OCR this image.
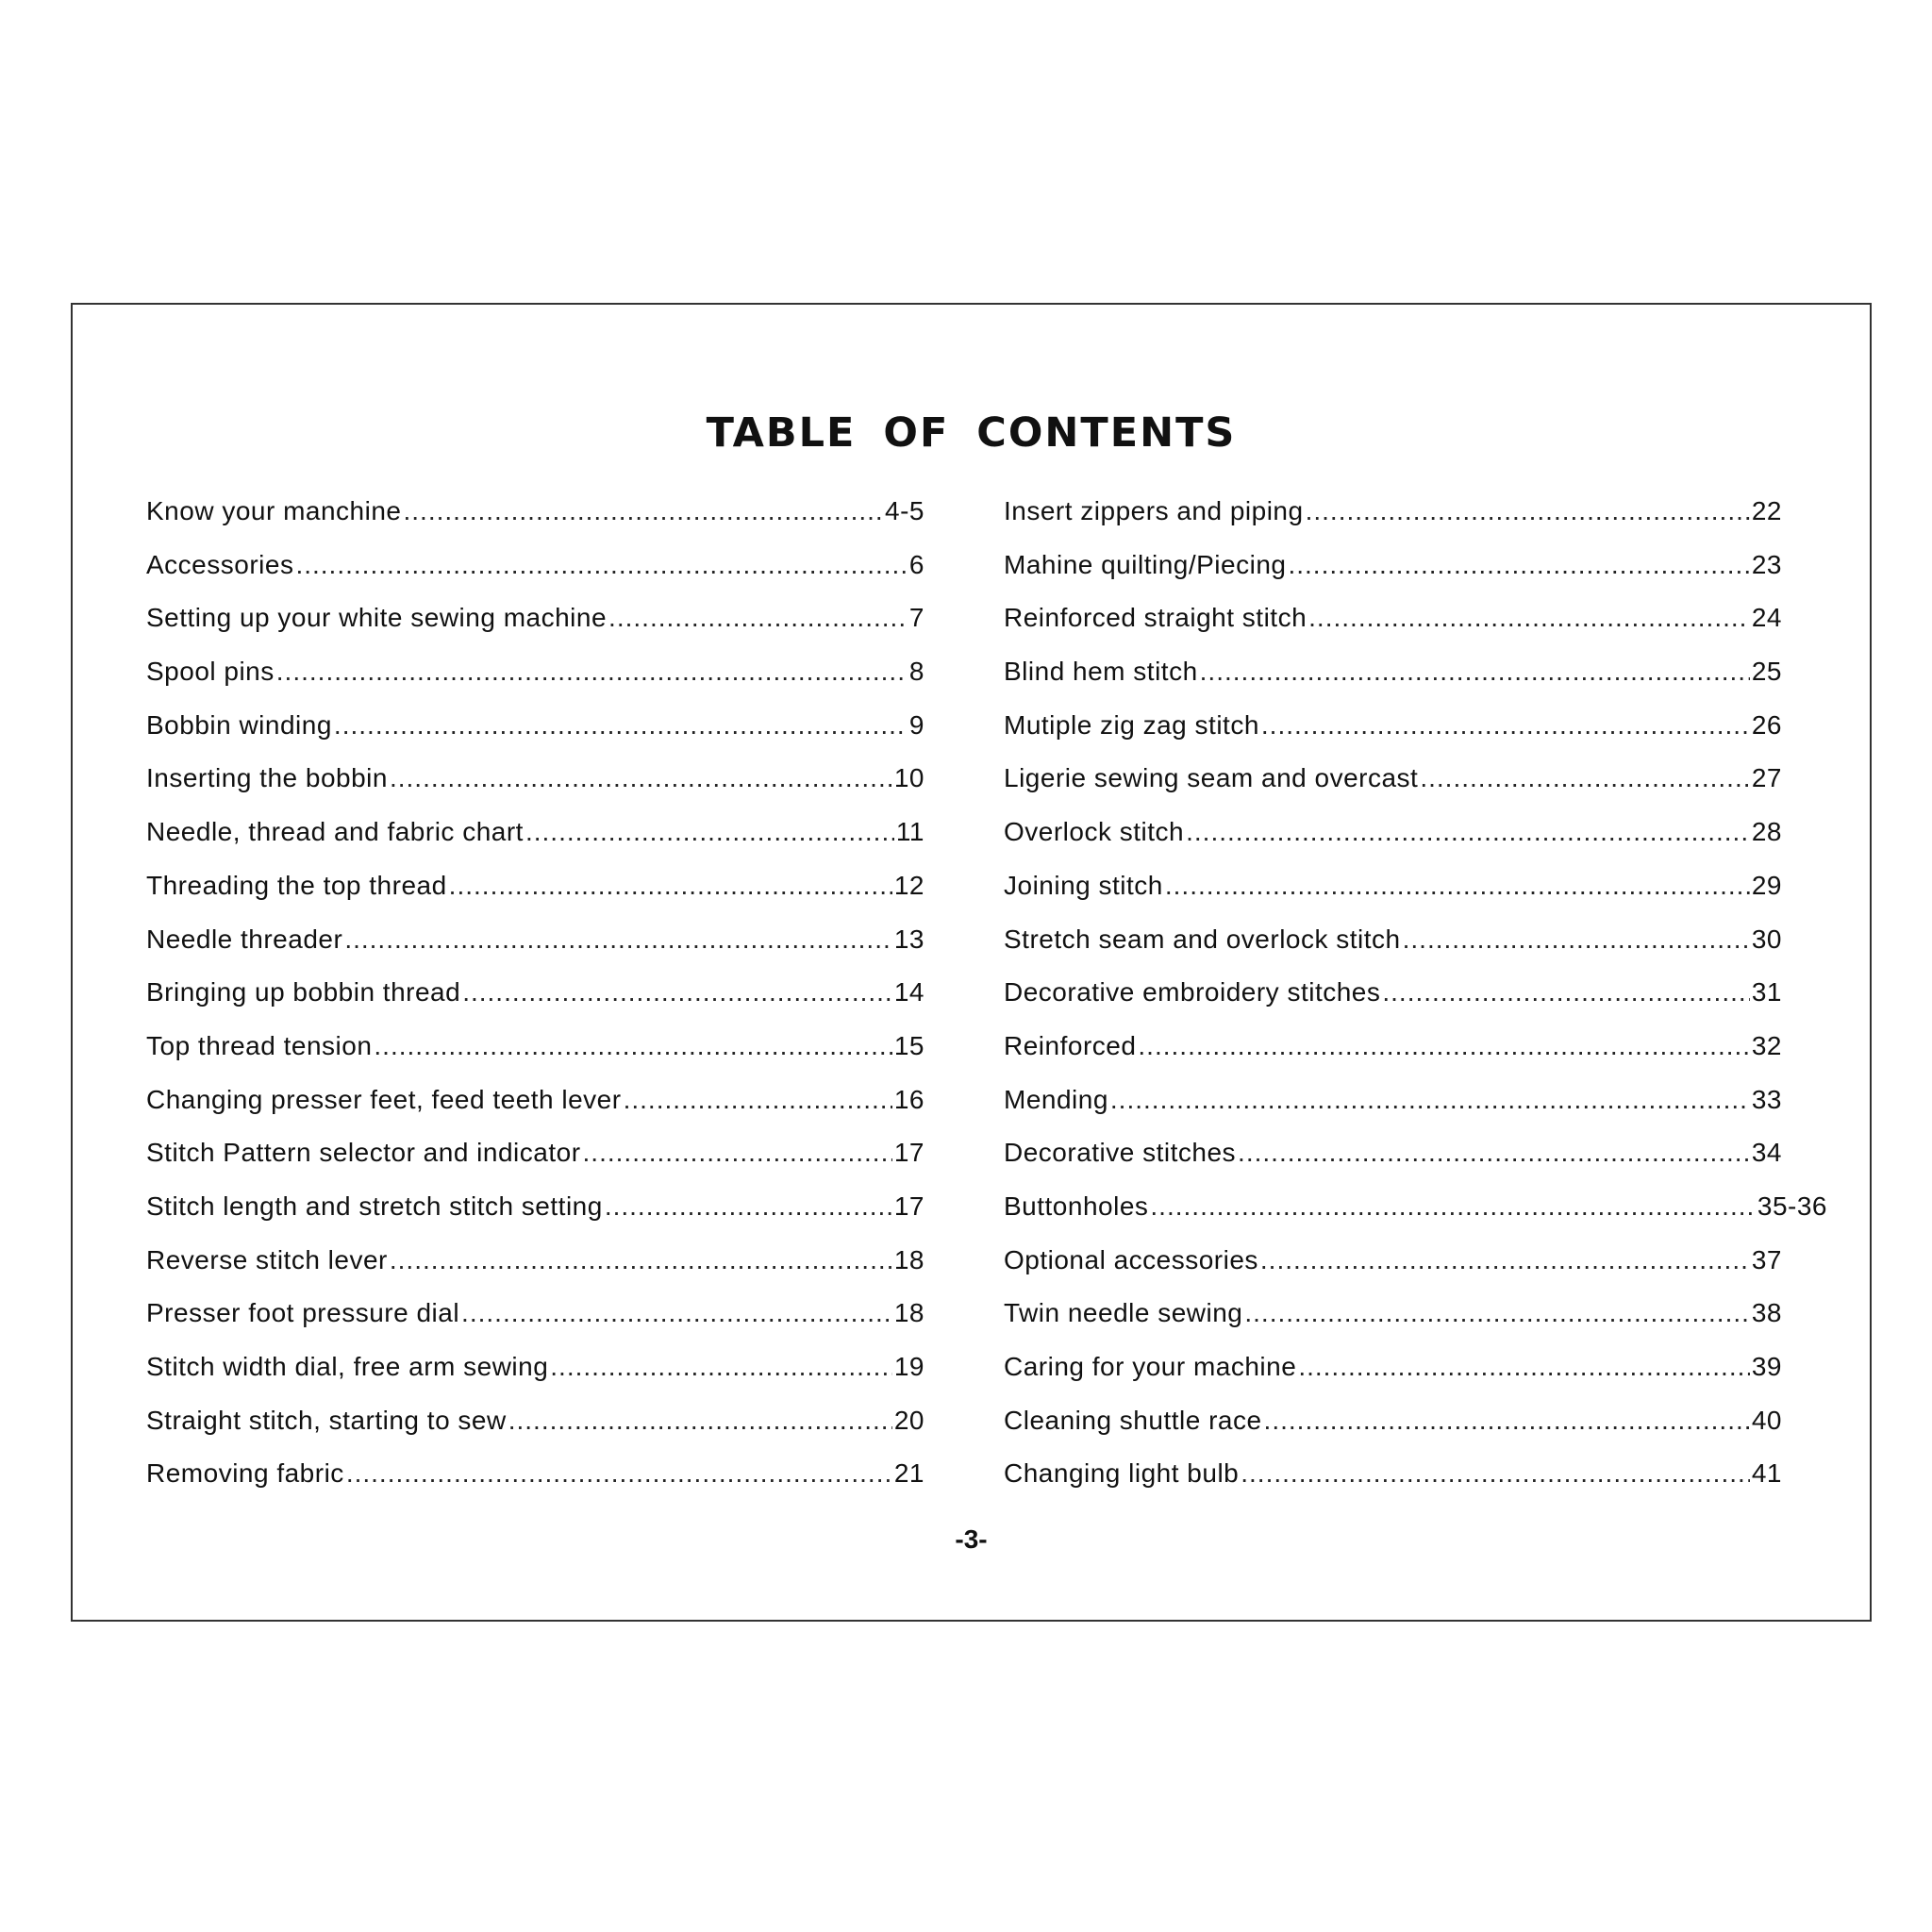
TABLE OF CONTENTS
Know your manchine .....	4-5
Accessories .....	6
Setting up your white sewing machine .....	7
Spool pins .....	8
Bobbin winding .....	9
Inserting the bobbin .....	10
Needle, thread and fabric chart .....	11
Threading the top thread .....	12
Needle threader .....	13
Bringing up bobbin thread .....	14
Top thread tension .....	15
Changing presser feet, feed teeth lever .....	16
Stitch Pattern selector and indicator .....	17
Stitch length and stretch stitch setting .....	17
Reverse stitch lever .....	18
Presser foot pressure dial .....	18
Stitch width dial, free arm sewing .....	19
Straight stitch, starting to sew .....	20
Removing fabric .....	21
Insert zippers and piping .....	22
Mahine quilting/Piecing .....	23
Reinforced straight stitch .....	24
Blind hem stitch .....	25
Mutiple zig zag stitch .....	26
Ligerie sewing seam and overcast .....	27
Overlock stitch .....	28
Joining stitch .....	29
Stretch seam and overlock stitch .....	30
Decorative embroidery stitches .....	31
Reinforced .....	32
Mending .....	33
Decorative stitches .....	34
Buttonholes .....	35-36
Optional accessories .....	37
Twin needle sewing .....	38
Caring for your machine .....	39
Cleaning shuttle race .....	40
Changing light bulb .....	41
-3-
